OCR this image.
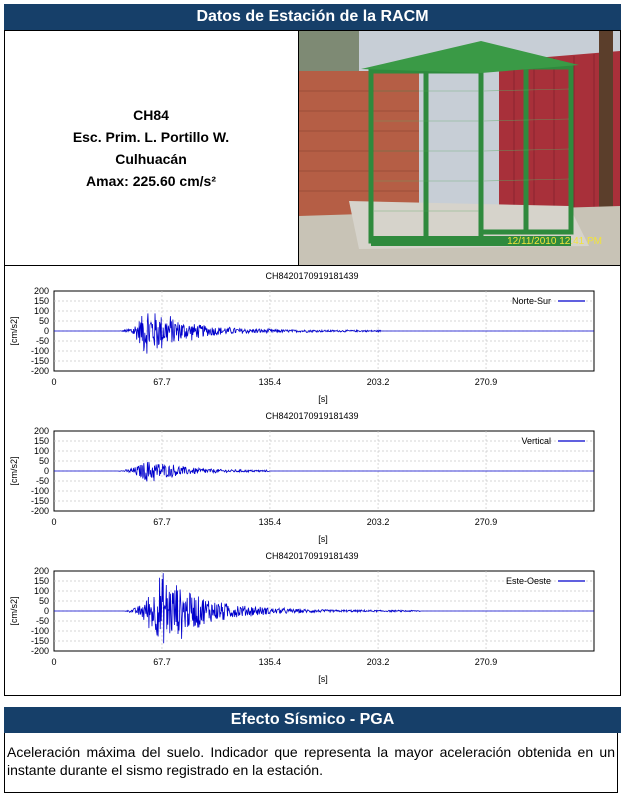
Datos de Estación de la RACM
CH84
Esc. Prim. L. Portillo W.
Culhuacán
Amax: 225.60 cm/s²
12/11/2010 12:41 PM
CH8420170919181439
0	67.7	135.4	203.2	270.9
200
150
100
50
0
-50
-100
-150
-200
[s]
[cm/s2]
Norte-Sur
CH8420170919181439
0	67.7	135.4	203.2	270.9
200
150
100
50
0
-50
-100
-150
-200
[s]
[cm/s2]
Vertical
CH8420170919181439
0	67.7	135.4	203.2	270.9
200
150
100
50
0
-50
-100
-150
-200
[s]
[cm/s2]
Este-Oeste
Efecto Sísmico - PGA
Aceleración máxima del suelo. Indicador que representa la mayor aceleración obtenida en un instante durante el sismo registrado en la estación.
